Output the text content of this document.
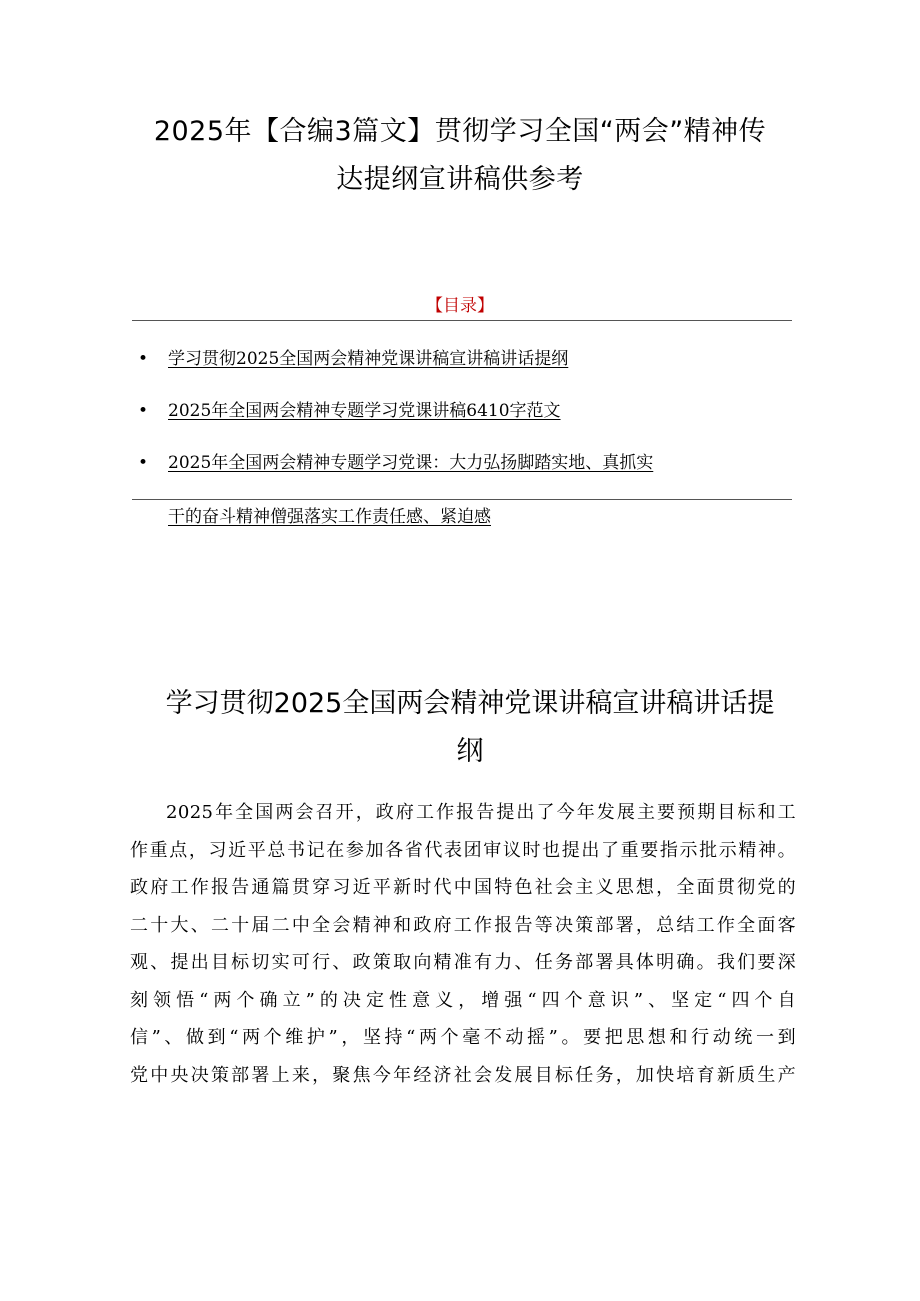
2025年【合编3篇文】贯彻学习全国“两会”精神传
达提纲宣讲稿供参考
【目录】
• 学习贯彻2025全国两会精神党课讲稿宣讲稿讲话提纲
• 2025年全国两会精神专题学习党课讲稿6410字范文
• 2025年全国两会精神专题学习党课：大力弘扬脚踏实地、真抓实
干的奋斗精神僧强落实工作责任感、紧迫感
学习贯彻2025全国两会精神党课讲稿宣讲稿讲话提
纲
2025年全国两会召开，政府工作报告提出了今年发展主要预期目标和工
作重点，习近平总书记在参加各省代表团审议时也提出了重要指示批示精神。
政府工作报告通篇贯穿习近平新时代中国特色社会主义思想，全面贯彻党的
二十大、二十届二中全会精神和政府工作报告等决策部署，总结工作全面客
观、提出目标切实可行、政策取向精准有力、任务部署具体明确。我们要深
刻领悟“两个确立”的决定性意义，增强“四个意识”、坚定“四个自
信”、做到“两个维护”，坚持“两个毫不动摇”。要把思想和行动统一到
党中央决策部署上来，聚焦今年经济社会发展目标任务，加快培育新质生产
